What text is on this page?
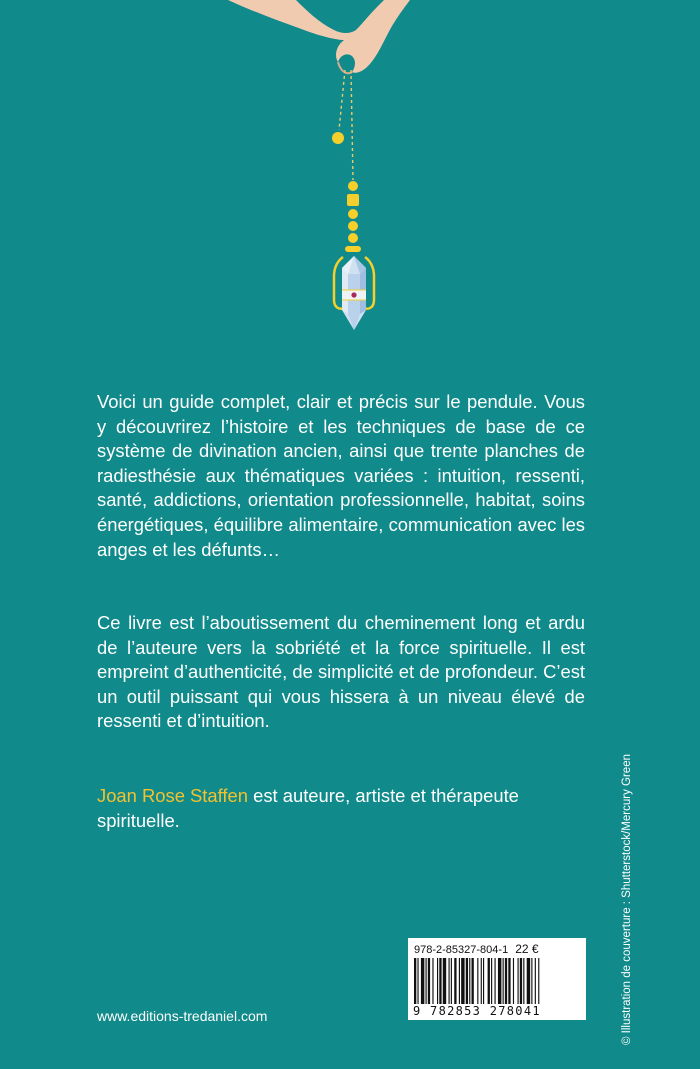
Voici un guide complet, clair et précis sur le pendule. Vous y découvrirez l’histoire et les techniques de base de ce système de divination ancien, ainsi que trente planches de radiesthésie aux thématiques variées : intuition, ressenti, santé, addictions, orientation professionnelle, habitat, soins énergétiques, équilibre alimentaire, communication avec les anges et les défunts…

Ce livre est l’aboutissement du cheminement long et ardu de l’auteure vers la sobriété et la force spirituelle. Il est empreint d’authenticité, de simplicité et de profondeur. C’est un outil puissant qui vous hissera à un niveau élevé de ressenti et d’intuition.

Joan Rose Staffen est auteure, artiste et thérapeute spirituelle.

978-2-85327-804-1 22 €
9 782853 278041
www.editions-tredaniel.com	© Illustration de couverture : Shutterstock/Mercury Green
